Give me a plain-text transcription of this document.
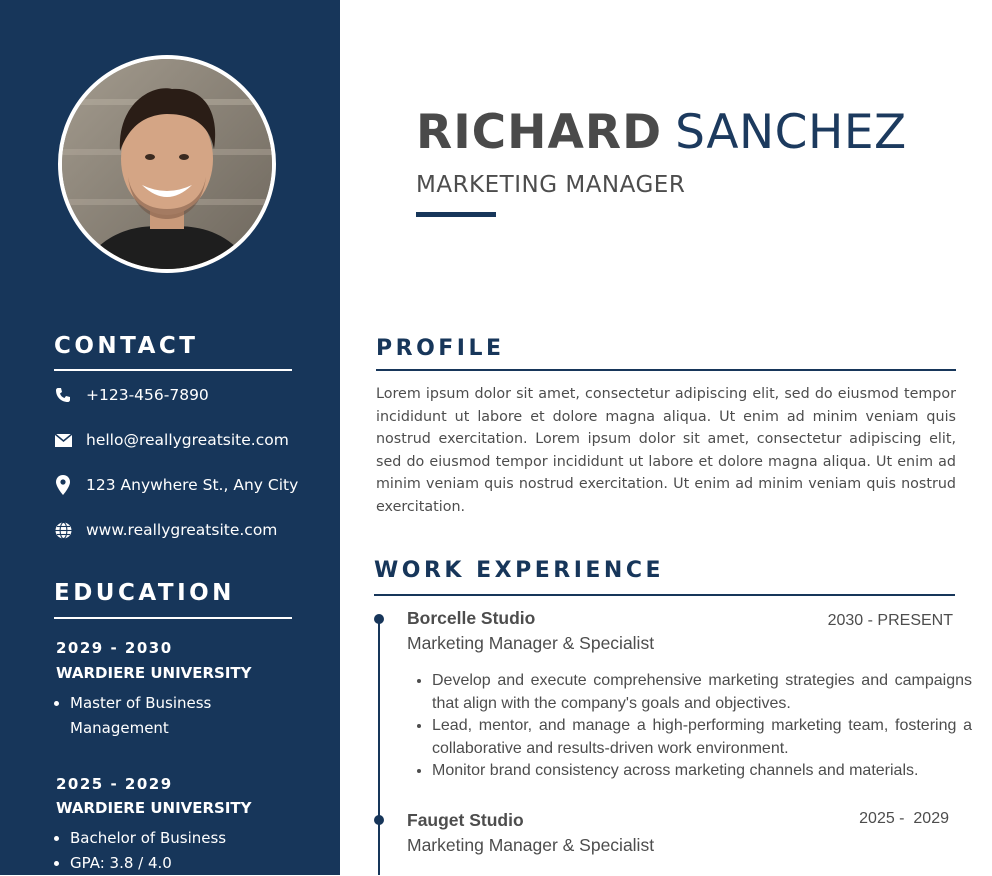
CONTACT
+123-456-7890
hello@reallygreatsite.com
123 Anywhere St., Any City
www.reallygreatsite.com
EDUCATION
2029 - 2030
WARDIERE UNIVERSITY
• Master of Business Management
2025 - 2029
WARDIERE UNIVERSITY
• Bachelor of Business
• GPA: 3.8 / 4.0
RICHARD SANCHEZ
MARKETING MANAGER
PROFILE
Lorem ipsum dolor sit amet, consectetur adipiscing elit, sed do eiusmod tempor incididunt ut labore et dolore magna aliqua. Ut enim ad minim veniam quis nostrud exercitation. Lorem ipsum dolor sit amet, consectetur adipiscing elit, sed do eiusmod tempor incididunt ut labore et dolore magna aliqua. Ut enim ad minim veniam quis nostrud exercitation. Ut enim ad minim veniam quis nostrud exercitation.
WORK EXPERIENCE
Borcelle Studio	2030 - PRESENT
Marketing Manager & Specialist
• Develop and execute comprehensive marketing strategies and campaigns that align with the company's goals and objectives.
• Lead, mentor, and manage a high-performing marketing team, fostering a collaborative and results-driven work environment.
• Monitor brand consistency across marketing channels and materials.
Fauget Studio	2025 -  2029
Marketing Manager & Specialist
